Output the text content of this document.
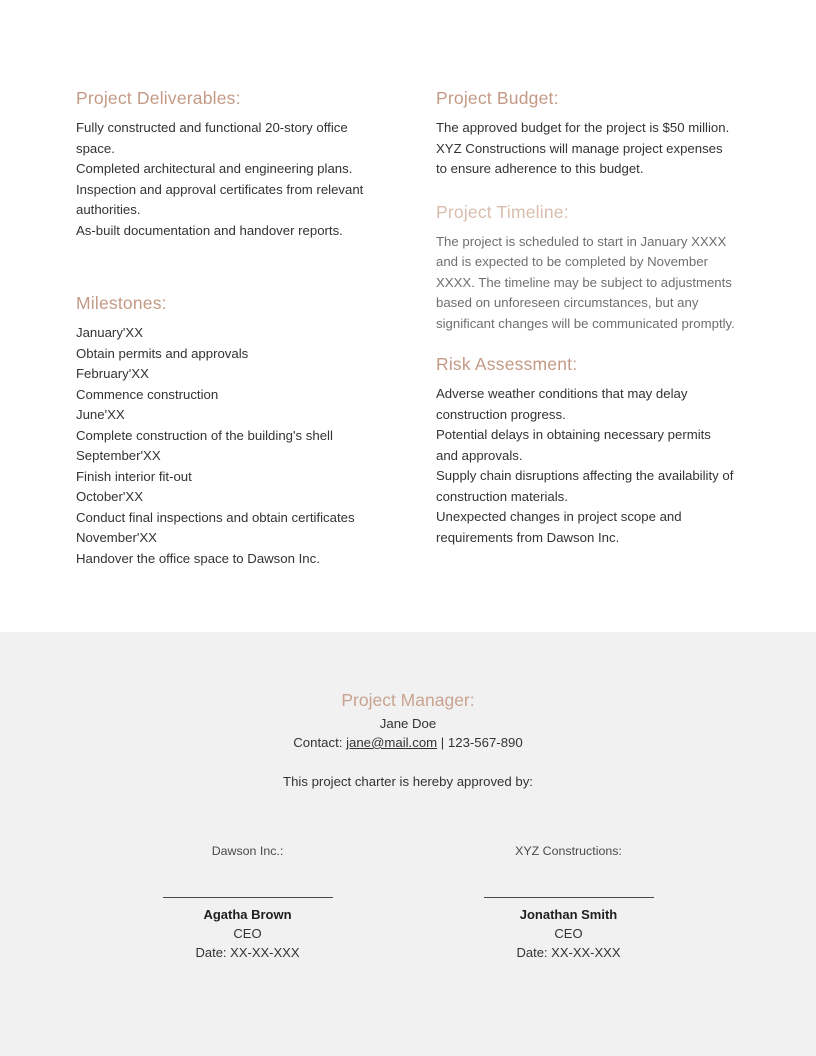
Project Deliverables:
Fully constructed and functional 20-story office space.
Completed architectural and engineering plans.
Inspection and approval certificates from relevant authorities.
As-built documentation and handover reports.
Milestones:
January'XX
Obtain permits and approvals
February'XX
Commence construction
June'XX
Complete construction of the building's shell
September'XX
Finish interior fit-out
October'XX
Conduct final inspections and obtain certificates
November'XX
Handover the office space to Dawson Inc.
Project Budget:

The approved budget for the project is $50 million. XYZ Constructions will manage project expenses to ensure adherence to this budget.

Project Timeline:

The project is scheduled to start in January XXXX and is expected to be completed by November XXXX. The timeline may be subject to adjustments based on unforeseen circumstances, but any significant changes will be communicated promptly.

Risk Assessment:
Adverse weather conditions that may delay construction progress.
Potential delays in obtaining necessary permits and approvals.
Supply chain disruptions affecting the availability of construction materials.
Unexpected changes in project scope and requirements from Dawson Inc.
Project Manager:
Jane Doe
Contact: jane@mail.com | 123-567-890
This project charter is hereby approved by:
Dawson Inc.:
Agatha Brown
CEO
Date: XX-XX-XXX
XYZ Constructions:
Jonathan Smith
CEO
Date: XX-XX-XXX
